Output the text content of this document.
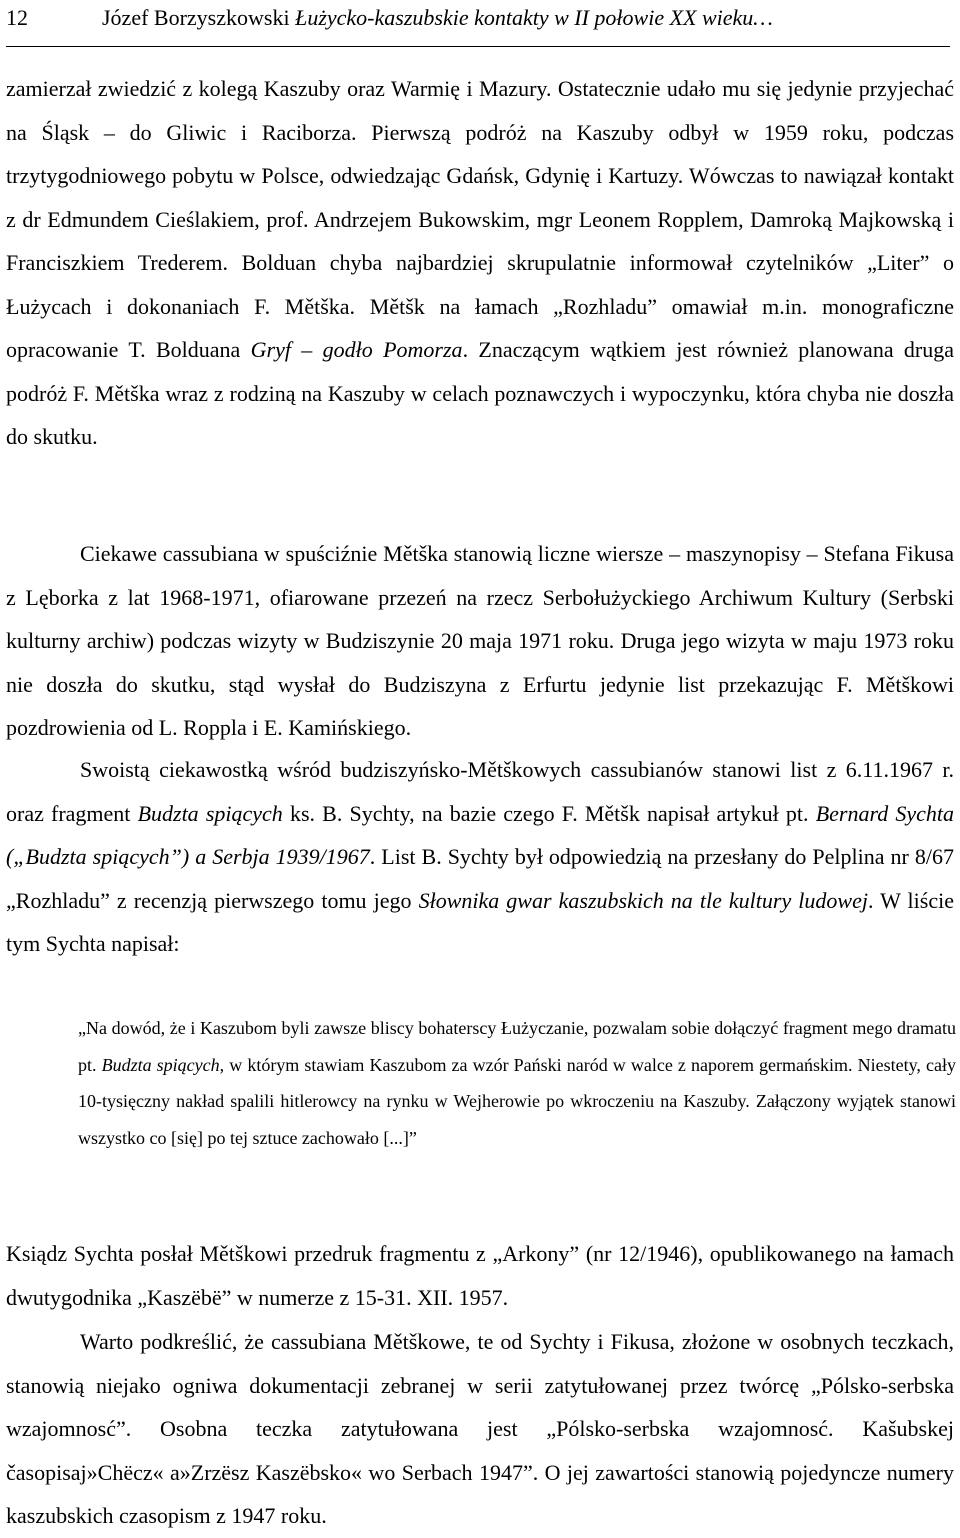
12	Józef Borzyszkowski Łużycko-kaszubskie kontakty w II połowie XX wieku…

zamierzał zwiedzić z kolegą Kaszuby oraz Warmię i Mazury. Ostatecznie udało mu się jedynie przyjechać na Śląsk – do Gliwic i Raciborza. Pierwszą podróż na Kaszuby odbył w 1959 roku, podczas trzytygodniowego pobytu w Polsce, odwiedzając Gdańsk, Gdynię i Kartuzy. Wówczas to nawiązał kontakt z dr Edmundem Cieślakiem, prof. Andrzejem Bukowskim, mgr Leonem Ropplem, Damroką Majkowską i Franciszkiem Trederem. Bolduan chyba najbardziej skrupulatnie informował czytelników „Liter” o Łużycach i dokonaniach F. Mětška. Mětšk na łamach „Rozhladu” omawiał m.in. monograficzne opracowanie T. Bolduana Gryf – godło Pomorza. Znaczącym wątkiem jest również planowana druga podróż F. Mětška wraz z rodziną na Kaszuby w celach poznawczych i wypoczynku, która chyba nie doszła do skutku.

Ciekawe cassubiana w spuściźnie Mětška stanowią liczne wiersze – maszynopisy – Stefana Fikusa z Lęborka z lat 1968-1971, ofiarowane przezeń na rzecz Serbołużyckiego Archiwum Kultury (Serbski kulturny archiw) podczas wizyty w Budziszynie 20 maja 1971 roku. Druga jego wizyta w maju 1973 roku nie doszła do skutku, stąd wysłał do Budziszyna z Erfurtu jedynie list przekazując F. Mětškowi pozdrowienia od L. Roppla i E. Kamińskiego.

Swoistą ciekawostką wśród budziszyńsko-Mětškowych cassubianów stanowi list z 6.11.1967 r. oraz fragment Budzta spiących ks. B. Sychty, na bazie czego F. Mětšk napisał artykuł pt. Bernard Sychta („Budzta spiących”) a Serbja 1939/1967. List B. Sychty był odpowiedzią na przesłany do Pelplina nr 8/67 „Rozhladu” z recenzją pierwszego tomu jego Słownika gwar kaszubskich na tle kultury ludowej. W liście tym Sychta napisał:

„Na dowód, że i Kaszubom byli zawsze bliscy bohaterscy Łużyczanie, pozwalam sobie dołączyć fragment mego dramatu pt. Budzta spiących, w którym stawiam Kaszubom za wzór Pański naród w walce z naporem germańskim. Niestety, cały 10-tysięczny nakład spalili hitlerowcy na rynku w Wejherowie po wkroczeniu na Kaszuby. Załączony wyjątek stanowi wszystko co [się] po tej sztuce zachowało [...]”

Ksiądz Sychta posłał Mětškowi przedruk fragmentu z „Arkony” (nr 12/1946), opublikowanego na łamach dwutygodnika „Kaszëbë” w numerze z 15-31. XII. 1957.

Warto podkreślić, że cassubiana Mětškowe, te od Sychty i Fikusa, złożone w osobnych teczkach, stanowią niejako ogniwa dokumentacji zebranej w serii zatytułowanej przez twórcę „Pólsko-serbska wzajomnosć”. Osobna teczka zatytułowana jest „Pólsko-serbska wzajomnosć. Kašubskej časopisaj»Chëcz« a»Zrzësz Kaszëbsko« wo Serbach 1947”. O jej zawartości stanowią pojedyncze numery kaszubskich czasopism z 1947 roku.
